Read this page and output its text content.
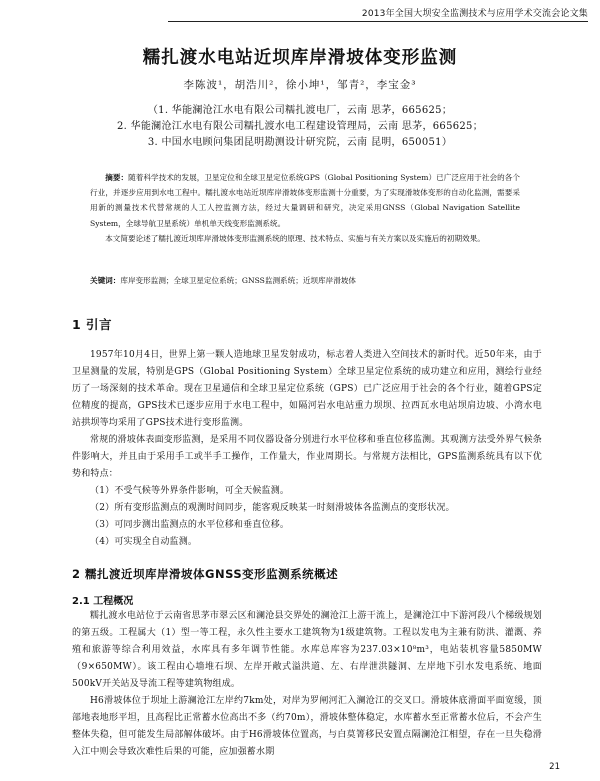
2013年全国大坝安全监测技术与应用学术交流会论文集
糯扎渡水电站近坝库岸滑坡体变形监测
李陈波¹，胡浩川²，徐小坤¹，邹青²，李宝金³
（1. 华能澜沧江水电有限公司糯扎渡电厂，云南 思茅，665625；
2. 华能澜沧江水电有限公司糯扎渡水电工程建设管理局，云南 思茅，665625；
3. 中国水电顾问集团昆明勘测设计研究院，云南 昆明，650051）
摘要：随着科学技术的发展，卫星定位和全球卫星定位系统GPS（Global Positioning System）已广泛应用于社会的各个行业，并逐步应用到水电工程中。糯扎渡水电站近坝库岸滑坡体变形监测十分重要，为了实现滑坡体变形的自动化监测，需要采用新的测量技术代替常规的人工人控监测方法，经过大量调研和研究，决定采用GNSS（Global Navigation Satellite System，全球导航卫星系统）单机单天线变形监测系统。
本文简要论述了糯扎渡近坝库岸滑坡体变形监测系统的原理、技术特点、实施与有关方案以及实施后的初期效果。
关键词：库岸变形监测；全球卫星定位系统；GNSS监测系统；近坝库岸滑坡体
1 引言

1957年10月4日，世界上第一颗人造地球卫星发射成功，标志着人类进入空间技术的新时代。近50年来，由于卫星测量的发展，特别是GPS（Global Positioning System）全球卫星定位系统的成功建立和应用，测绘行业经历了一场深刻的技术革命。现在卫星通信和全球卫星定位系统（GPS）已广泛应用于社会的各个行业，随着GPS定位精度的提高，GPS技术已逐步应用于水电工程中，如隔河岩水电站重力坝坝、拉西瓦水电站坝肩边坡、小湾水电站拱坝等均采用了GPS技术进行变形监测。

常规的滑坡体表面变形监测，是采用不同仪器设备分别进行水平位移和垂直位移监测。其观测方法受外界气候条件影响大，并且由于采用手工或半手工操作，工作量大，作业周期长。与常规方法相比，GPS监测系统具有以下优势和特点：

（1）不受气候等外界条件影响，可全天候监测。
（2）所有变形监测点的观测时间同步，能客观反映某一时刻滑坡体各监测点的变形状况。
（3）可同步测出监测点的水平位移和垂直位移。
（4）可实现全自动监测。
2 糯扎渡近坝库岸滑坡体GNSS变形监测系统概述
2.1 工程概况

糯扎渡水电站位于云南省思茅市翠云区和澜沧县交界处的澜沧江上游干流上，是澜沧江中下游河段八个梯级规划的第五级。工程属大（1）型一等工程，永久性主要水工建筑物为1级建筑物。工程以发电为主兼有防洪、灌溉、养殖和旅游等综合利用效益，水库具有多年调节性能。水库总库容为237.03×10⁸m³，电站装机容量5850MW（9×650MW）。该工程由心墙堆石坝、左岸开敞式溢洪道、左、右岸泄洪隧洞、左岸地下引水发电系统、地面500kV开关站及导流工程等建筑物组成。

H6滑坡体位于坝址上游澜沧江左岸约7km处，对岸为罗闸河汇入澜沧江的交叉口。滑坡体底滑面平面宽缓，顶部地表地形平坦，且高程比正常蓄水位高出不多（约70m），滑坡体整体稳定，水库蓄水至正常蓄水位后，不会产生整体失稳，但可能发生局部解体破坏。由于H6滑坡体位置高，与白莫箐移民安置点隔澜沧江相望，存在一旦失稳滑入江中则会导致次难性后果的可能，应加强蓄水期

21
